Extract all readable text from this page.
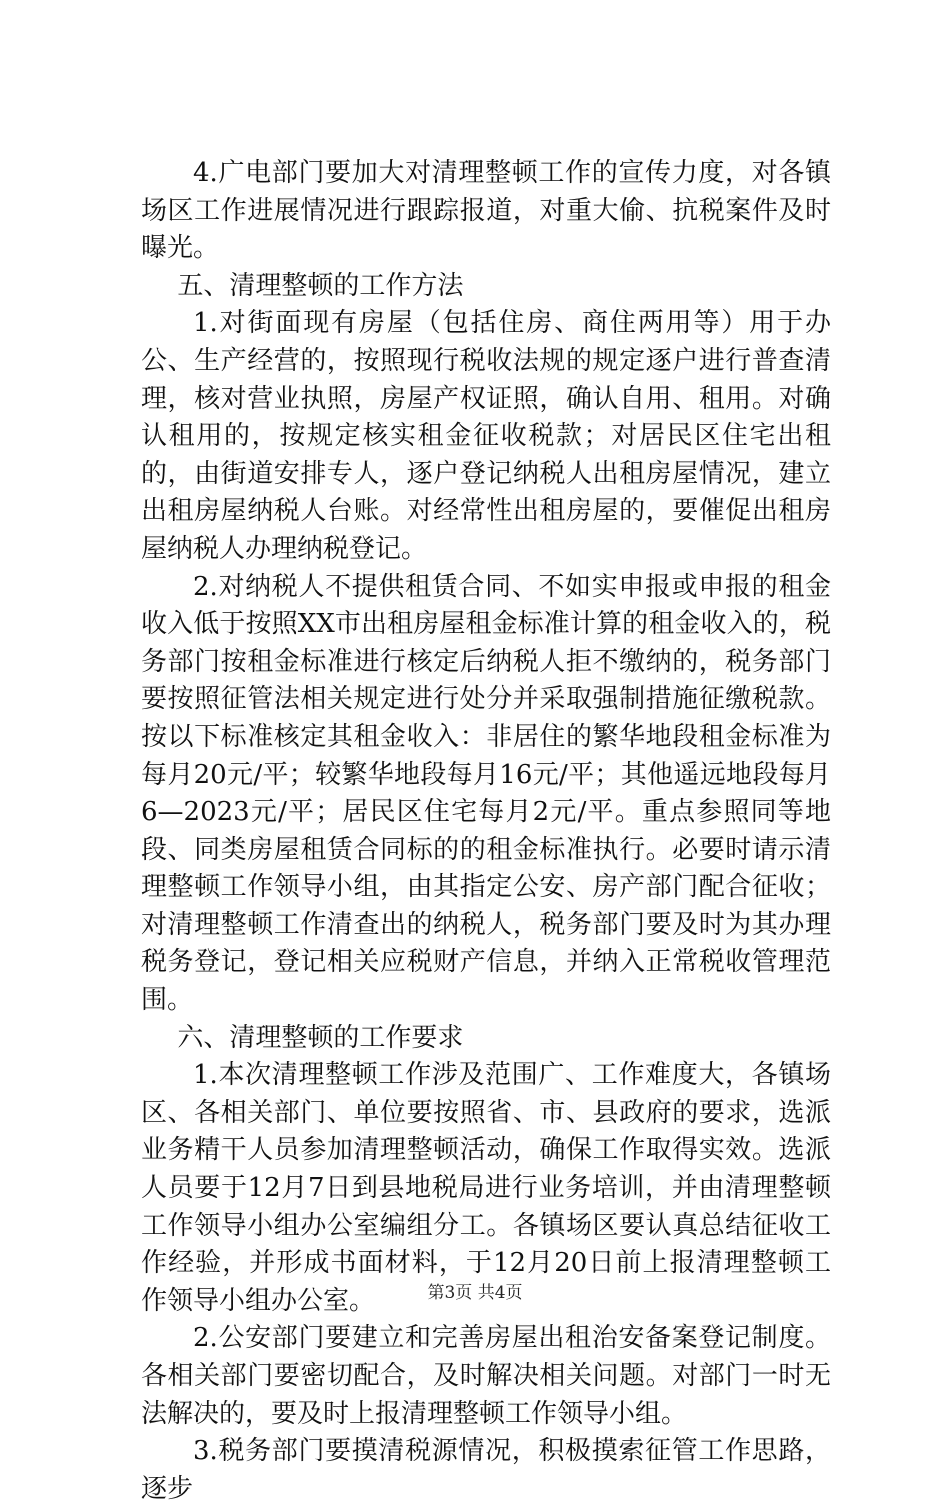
4.广电部门要加大对清理整顿工作的宣传力度，对各镇场区工作进展情况进行跟踪报道，对重大偷、抗税案件及时曝光。

五、清理整顿的工作方法

1.对街面现有房屋（包括住房、商住两用等）用于办公、生产经营的，按照现行税收法规的规定逐户进行普查清理，核对营业执照，房屋产权证照，确认自用、租用。对确认租用的，按规定核实租金征收税款；对居民区住宅出租的，由街道安排专人，逐户登记纳税人出租房屋情况，建立出租房屋纳税人台账。对经常性出租房屋的，要催促出租房屋纳税人办理纳税登记。

2.对纳税人不提供租赁合同、不如实申报或申报的租金收入低于按照XX市出租房屋租金标准计算的租金收入的，税务部门按租金标准进行核定后纳税人拒不缴纳的，税务部门要按照征管法相关规定进行处分并采取强制措施征缴税款。按以下标准核定其租金收入：非居住的繁华地段租金标准为每月20元/平；较繁华地段每月16元/平；其他遥远地段每月6—2023元/平；居民区住宅每月2元/平。重点参照同等地段、同类房屋租赁合同标的的租金标准执行。必要时请示清理整顿工作领导小组，由其指定公安、房产部门配合征收；对清理整顿工作清查出的纳税人，税务部门要及时为其办理税务登记，登记相关应税财产信息，并纳入正常税收管理范围。

六、清理整顿的工作要求

1.本次清理整顿工作涉及范围广、工作难度大，各镇场区、各相关部门、单位要按照省、市、县政府的要求，选派业务精干人员参加清理整顿活动，确保工作取得实效。选派人员要于12月7日到县地税局进行业务培训，并由清理整顿工作领导小组办公室编组分工。各镇场区要认真总结征收工作经验，并形成书面材料，于12月20日前上报清理整顿工作领导小组办公室。

2.公安部门要建立和完善房屋出租治安备案登记制度。各相关部门要密切配合，及时解决相关问题。对部门一时无法解决的，要及时上报清理整顿工作领导小组。

3.税务部门要摸清税源情况，积极摸索征管工作思路，逐步

第3页 共4页
